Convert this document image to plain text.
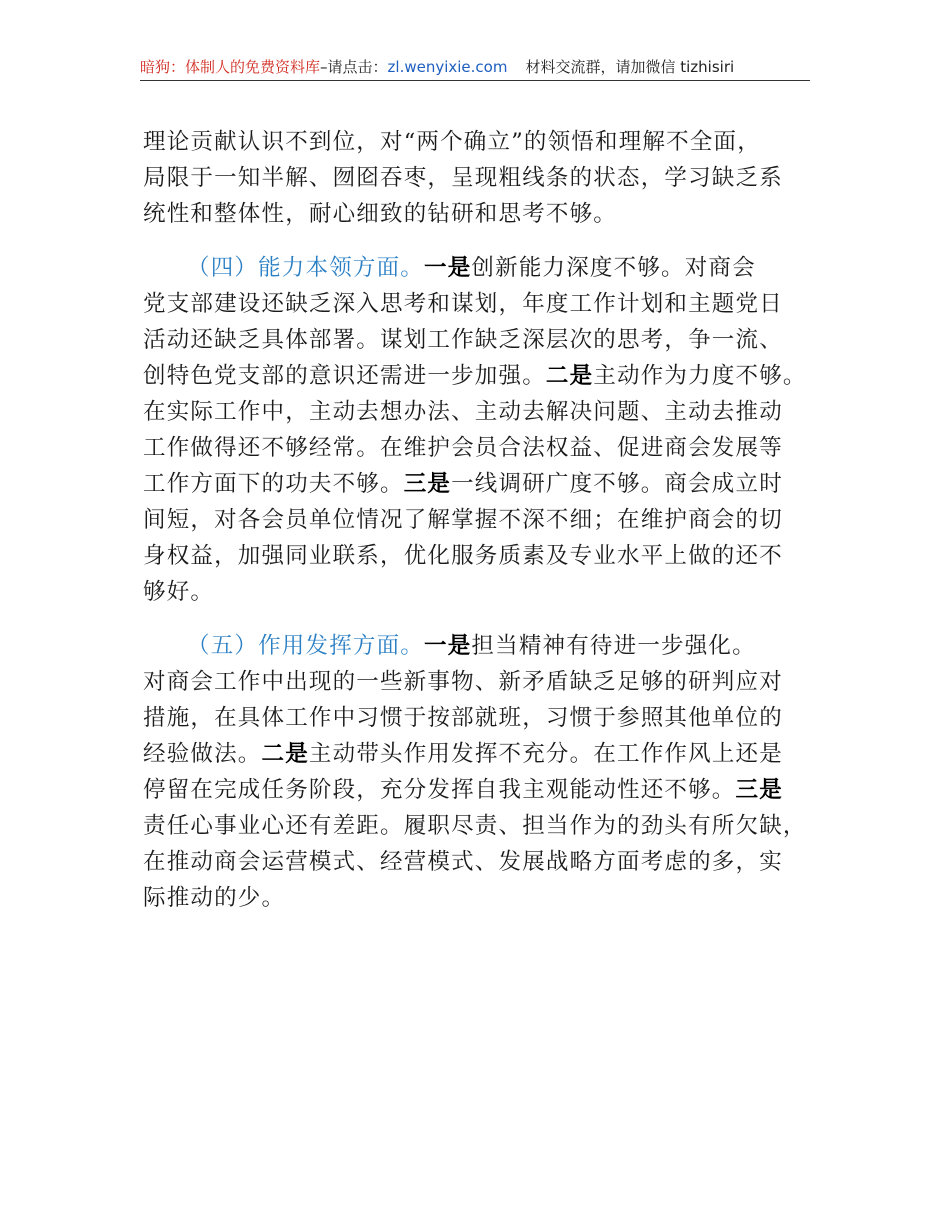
暗狗：体制人的免费资料库–请点击：zl.wenyixie.com 材料交流群，请加微信 tizhisiri

理论贡献认识不到位，对“两个确立”的领悟和理解不全面，
局限于一知半解、囫囵吞枣，呈现粗线条的状态，学习缺乏系
统性和整体性，耐心细致的钻研和思考不够。

（四）能力本领方面。一是创新能力深度不够。对商会
党支部建设还缺乏深入思考和谋划，年度工作计划和主题党日
活动还缺乏具体部署。谋划工作缺乏深层次的思考，争一流、
创特色党支部的意识还需进一步加强。二是主动作为力度不够。
在实际工作中，主动去想办法、主动去解决问题、主动去推动
工作做得还不够经常。在维护会员合法权益、促进商会发展等
工作方面下的功夫不够。三是一线调研广度不够。商会成立时
间短，对各会员单位情况了解掌握不深不细；在维护商会的切
身权益，加强同业联系，优化服务质素及专业水平上做的还不
够好。

（五）作用发挥方面。一是担当精神有待进一步强化。
对商会工作中出现的一些新事物、新矛盾缺乏足够的研判应对
措施，在具体工作中习惯于按部就班，习惯于参照其他单位的
经验做法。二是主动带头作用发挥不充分。在工作作风上还是
停留在完成任务阶段，充分发挥自我主观能动性还不够。三是
责任心事业心还有差距。履职尽责、担当作为的劲头有所欠缺，
在推动商会运营模式、经营模式、发展战略方面考虑的多，实
际推动的少。
